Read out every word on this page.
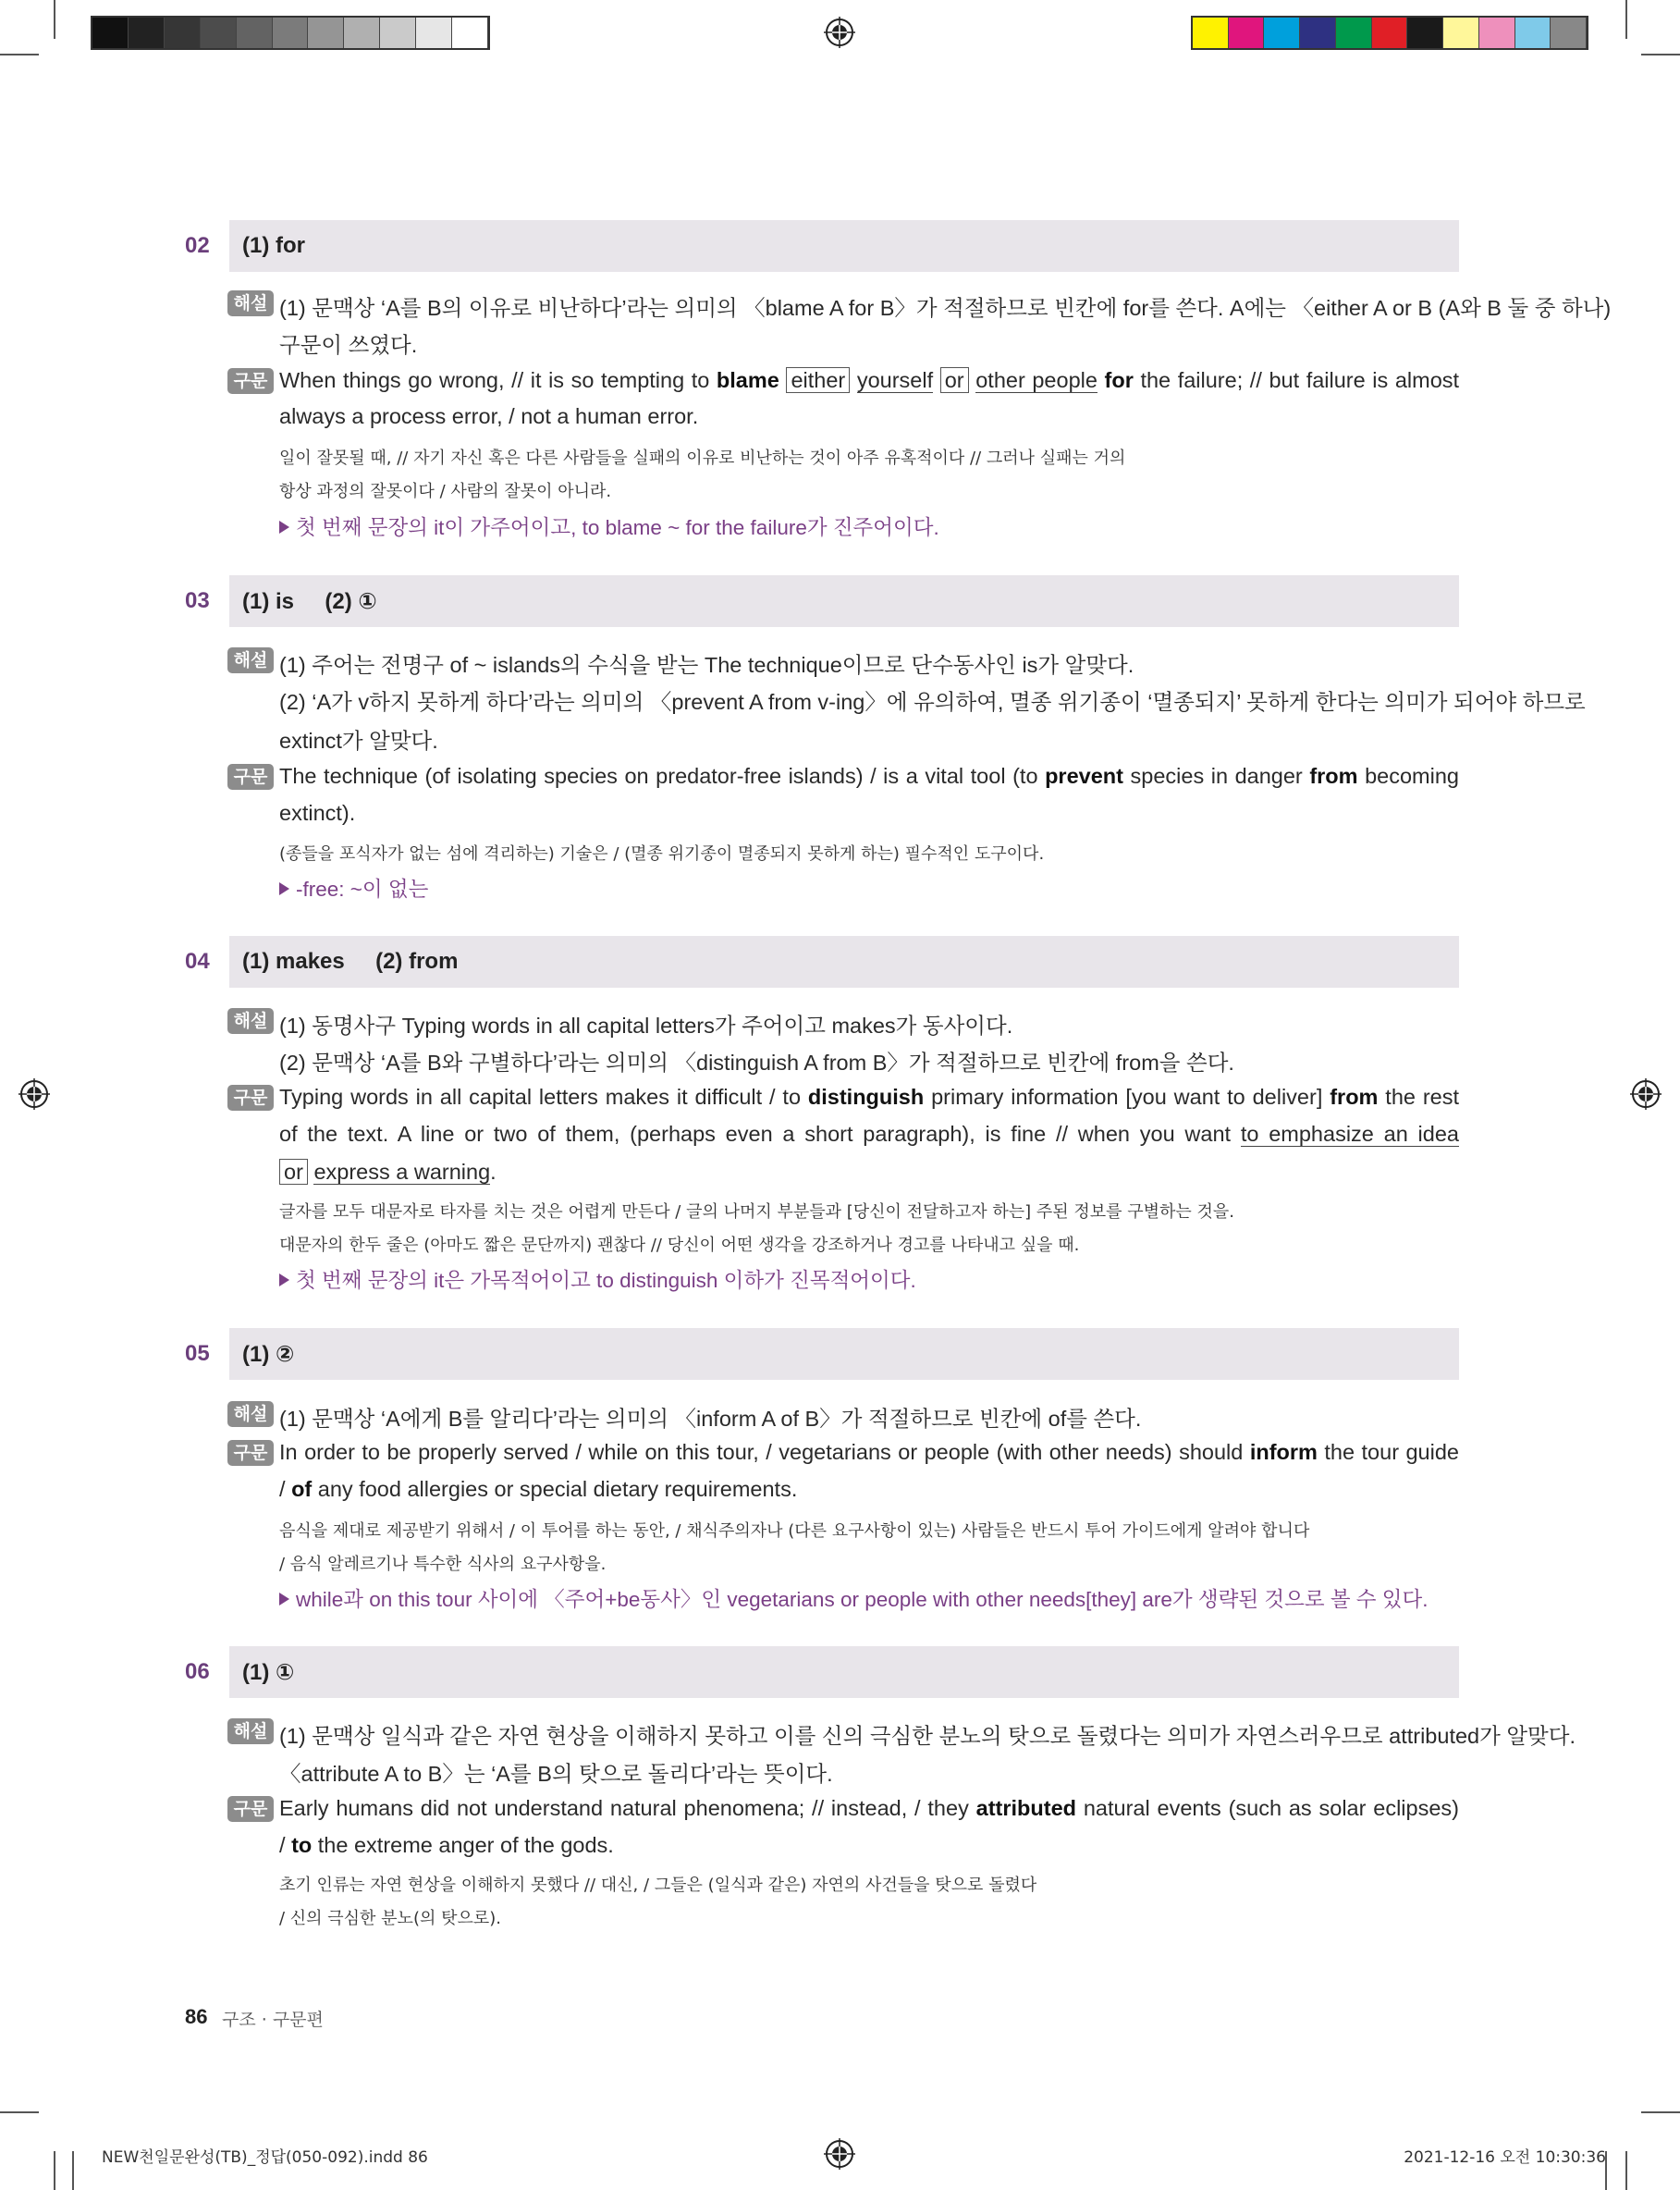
02 (1) for
해설 (1) 문맥상 ‘A를 B의 이유로 비난하다’라는 의미의 〈blame A for B〉가 적절하므로 빈칸에 for를 쓴다. A에는 〈either A or B (A와 B 둘 중 하나)
구문이 쓰였다.
구문 When things go wrong, // it is so tempting to blame either yourself or other people for the failure; // but failure is almost
always a process error, / not a human error.
일이 잘못될 때, // 자기 자신 혹은 다른 사람들을 실패의 이유로 비난하는 것이 아주 유혹적이다 // 그러나 실패는 거의
항상 과정의 잘못이다 / 사람의 잘못이 아니라.
첫 번째 문장의 it이 가주어이고, to blame ~ for the failure가 진주어이다.
03 (1) is     (2) ①
해설 (1) 주어는 전명구 of ~ islands의 수식을 받는 The technique이므로 단수동사인 is가 알맞다.
(2) ‘A가 v하지 못하게 하다’라는 의미의 〈prevent A from v-ing〉에 유의하여, 멸종 위기종이 ‘멸종되지’ 못하게 한다는 의미가 되어야 하므로
extinct가 알맞다.
구문 The technique (of isolating species on predator-free islands) / is a vital tool (to prevent species in danger from becoming
extinct).
(종들을 포식자가 없는 섬에 격리하는) 기술은 / (멸종 위기종이 멸종되지 못하게 하는) 필수적인 도구이다.
-free: ~이 없는
04 (1) makes     (2) from
해설 (1) 동명사구 Typing words in all capital letters가 주어이고 makes가 동사이다.
(2) 문맥상 ‘A를 B와 구별하다’라는 의미의 〈distinguish A from B〉가 적절하므로 빈칸에 from을 쓴다.
구문 Typing words in all capital letters makes it difficult / to distinguish primary information [you want to deliver] from the rest
of the text. A line or two of them, (perhaps even a short paragraph), is fine // when you want to emphasize an idea
or express a warning.
글자를 모두 대문자로 타자를 치는 것은 어렵게 만든다 / 글의 나머지 부분들과 [당신이 전달하고자 하는] 주된 정보를 구별하는 것을.
대문자의 한두 줄은 (아마도 짧은 문단까지) 괜찮다 // 당신이 어떤 생각을 강조하거나 경고를 나타내고 싶을 때.
첫 번째 문장의 it은 가목적어이고 to distinguish 이하가 진목적어이다.
05 (1) ②
해설 (1) 문맥상 ‘A에게 B를 알리다’라는 의미의 〈inform A of B〉가 적절하므로 빈칸에 of를 쓴다.
구문 In order to be properly served / while on this tour, / vegetarians or people (with other needs) should inform the tour guide
/ of any food allergies or special dietary requirements.
음식을 제대로 제공받기 위해서 / 이 투어를 하는 동안, / 채식주의자나 (다른 요구사항이 있는) 사람들은 반드시 투어 가이드에게 알려야 합니다
/ 음식 알레르기나 특수한 식사의 요구사항을.
while과 on this tour 사이에 〈주어+be동사〉인 vegetarians or people with other needs[they] are가 생략된 것으로 볼 수 있다.
06 (1) ①
해설 (1) 문맥상 일식과 같은 자연 현상을 이해하지 못하고 이를 신의 극심한 분노의 탓으로 돌렸다는 의미가 자연스러우므로 attributed가 알맞다.
〈attribute A to B〉는 ‘A를 B의 탓으로 돌리다’라는 뜻이다.
구문 Early humans did not understand natural phenomena; // instead, / they attributed natural events (such as solar eclipses)
/ to the extreme anger of the gods.
초기 인류는 자연 현상을 이해하지 못했다 // 대신, / 그들은 (일식과 같은) 자연의 사건들을 탓으로 돌렸다
/ 신의 극심한 분노(의 탓으로).
86 구조 · 구문편
NEW천일문완성(TB)_정답(050-092).indd 86	2021-12-16 오전 10:30:36
